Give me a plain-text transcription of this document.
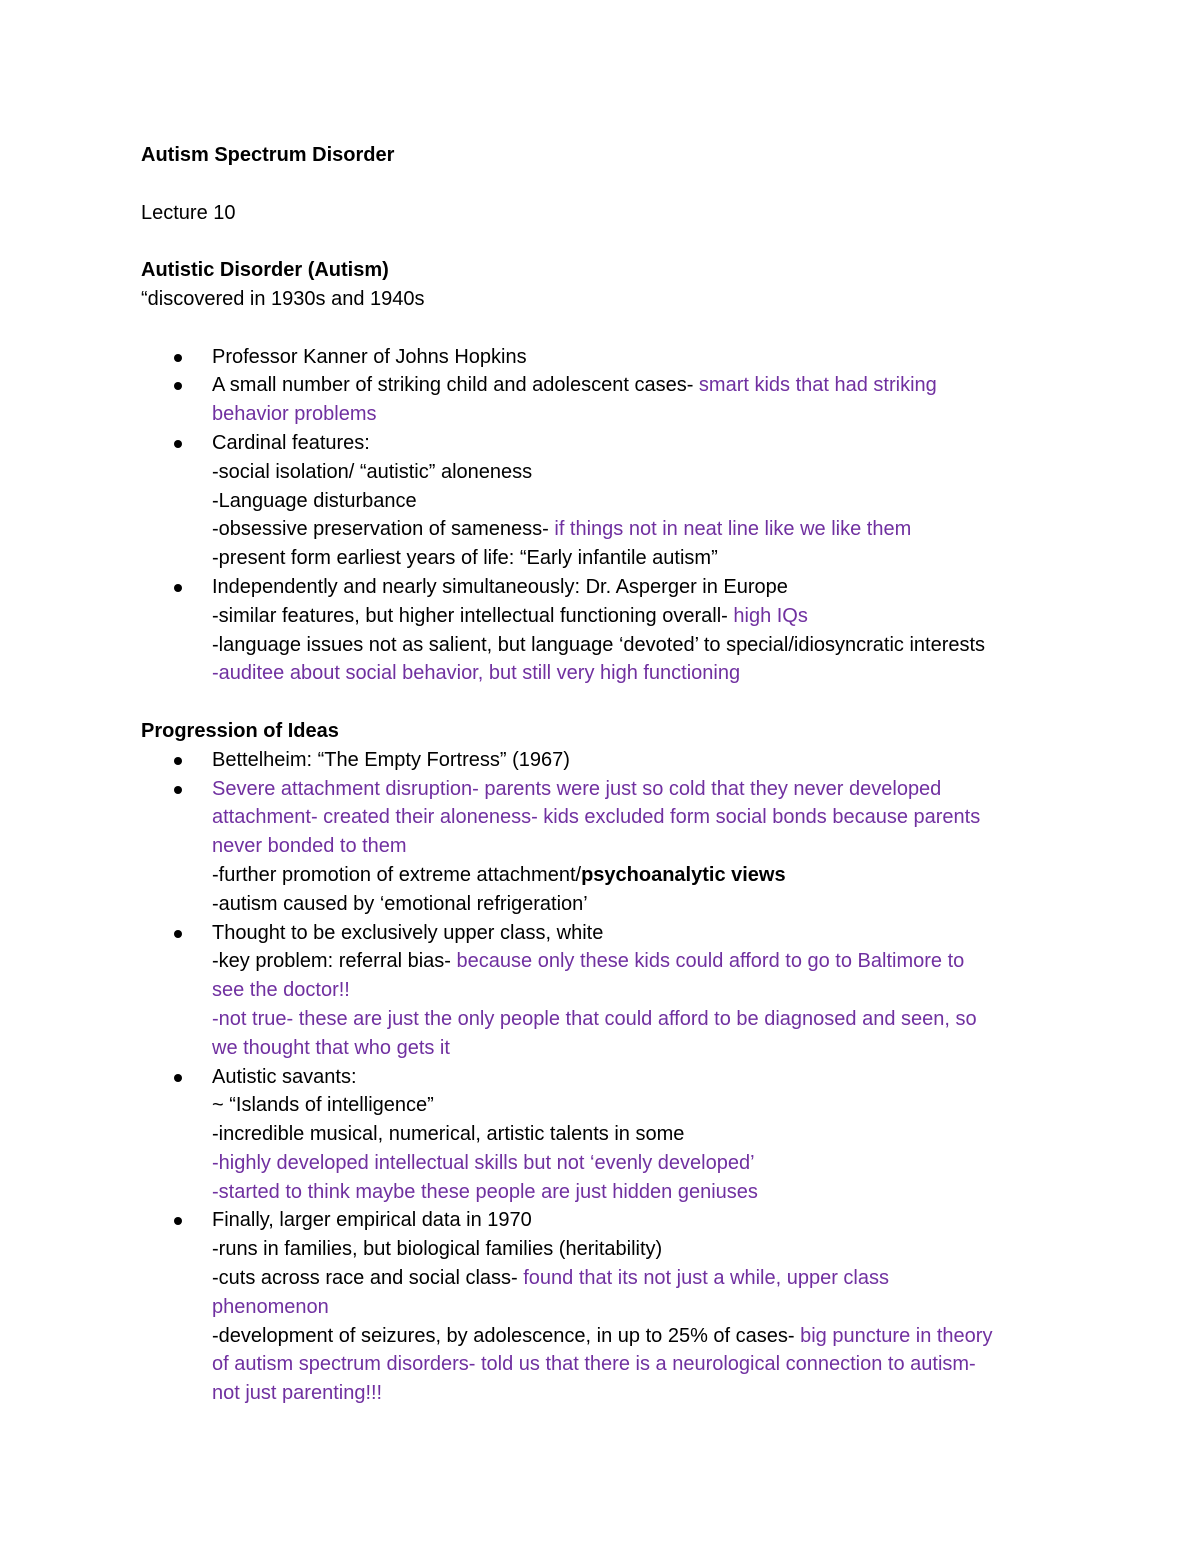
Autism Spectrum Disorder
Lecture 10
Autistic Disorder (Autism)
“discovered in 1930s and 1940s
Professor Kanner of Johns Hopkins
A small number of striking child and adolescent cases- smart kids that had striking
behavior problems
Cardinal features:
-social isolation/ “autistic” aloneness
-Language disturbance
-obsessive preservation of sameness- if things not in neat line like we like them
-present form earliest years of life: “Early infantile autism”
Independently and nearly simultaneously: Dr. Asperger in Europe
-similar features, but higher intellectual functioning overall- high IQs
-language issues not as salient, but language ‘devoted’ to special/idiosyncratic interests
-auditee about social behavior, but still very high functioning
Progression of Ideas
Bettelheim: “The Empty Fortress” (1967)
Severe attachment disruption- parents were just so cold that they never developed
attachment- created their aloneness- kids excluded form social bonds because parents
never bonded to them
-further promotion of extreme attachment/psychoanalytic views
-autism caused by ‘emotional refrigeration’
Thought to be exclusively upper class, white
-key problem: referral bias- because only these kids could afford to go to Baltimore to
see the doctor!!
-not true- these are just the only people that could afford to be diagnosed and seen, so
we thought that who gets it
Autistic savants:
~ “Islands of intelligence”
-incredible musical, numerical, artistic talents in some
-highly developed intellectual skills but not ‘evenly developed’
-started to think maybe these people are just hidden geniuses
Finally, larger empirical data in 1970
-runs in families, but biological families (heritability)
-cuts across race and social class- found that its not just a while, upper class
phenomenon
-development of seizures, by adolescence, in up to 25% of cases- big puncture in theory
of autism spectrum disorders- told us that there is a neurological connection to autism-
not just parenting!!!
